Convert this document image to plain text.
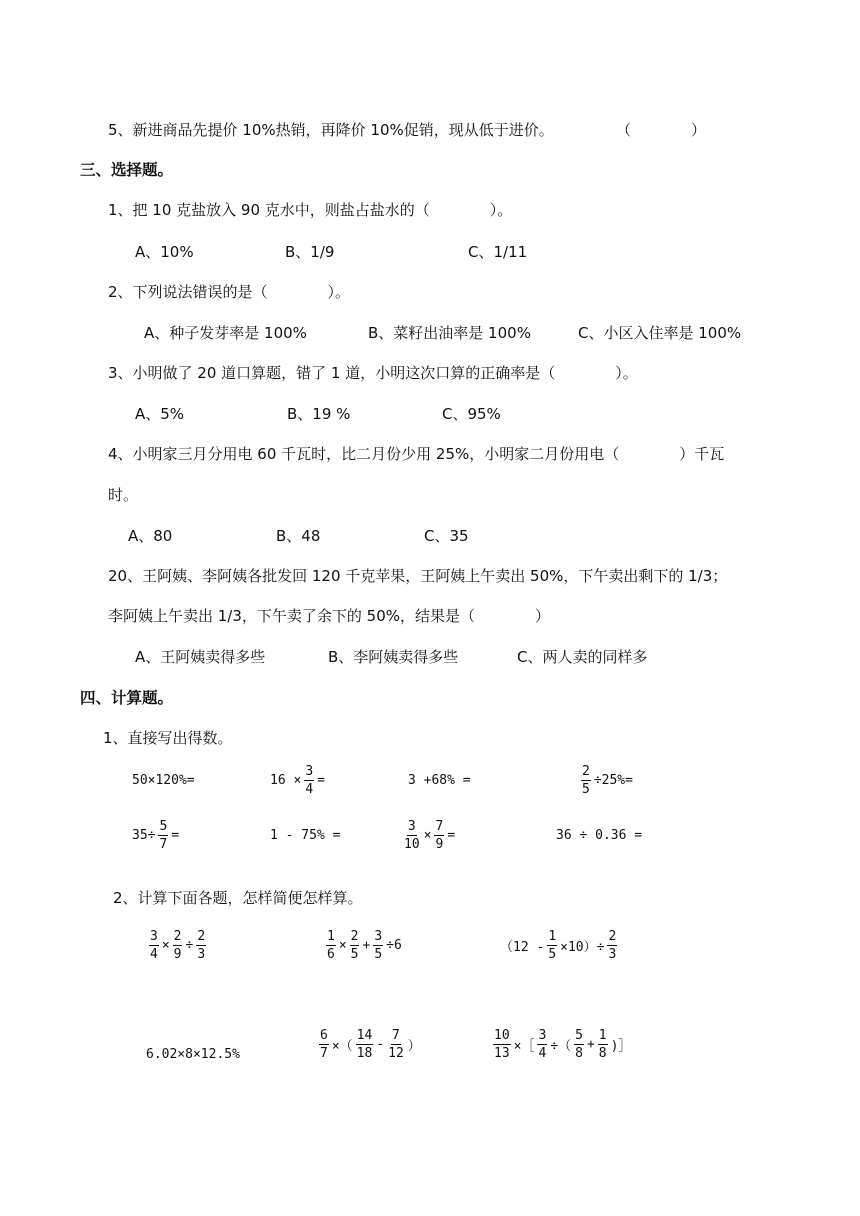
5、新进商品先提价 10%热销，再降价 10%促销，现从低于进价。	（　　　　）
三、选择题。
1、把 10 克盐放入 90 克水中，则盐占盐水的（　　　　）。
A、10%	B、1/9	C、1/11
2、下列说法错误的是（　　　　）。
A、种子发芽率是 100%	B、菜籽出油率是 100%	C、小区入住率是 100%
3、小明做了 20 道口算题，错了 1 道，小明这次口算的正确率是（　　　　）。
A、5%	B、19 %	C、95%
4、小明家三月分用电 60 千瓦时，比二月份少用 25%，小明家二月份用电（　　　　）千瓦
时。
A、80	B、48	C、35
20、王阿姨、李阿姨各批发回 120 千克苹果，王阿姨上午卖出 50%，下午卖出剩下的 1/3；
李阿姨上午卖出 1/3，下午卖了余下的 50%，结果是（　　　　）
A、王阿姨卖得多些	B、李阿姨卖得多些	C、两人卖的同样多
四、计算题。
1、直接写出得数。
50×120%=	$16 \times \frac{3}{4}$ =	3 +68% =	$\frac{2}{5} \div 25\%=$
$35\div \frac{5}{7}$ =	1 - 75% =	$\frac{3}{10} \times \frac{7}{9}$ =	36 ÷ 0.36 =
2、计算下面各题，怎样简便怎样算。
$\frac{3}{4} \times \frac{2}{9} \div \frac{2}{3}$	$\frac{1}{6} \times \frac{2}{5} + \frac{3}{5} \div 6$	$(12 - \frac{1}{5} \times 10)\div \frac{2}{3}$
6.02×8×12.5%	$\frac{6}{7}$ ×（ $\frac{14}{18} - \frac{7}{12}$ ）	$\frac{10}{13}$ ×［ $\frac{3}{4}$ ÷（ $\frac{5}{8} + \frac{1}{8}$ )］
